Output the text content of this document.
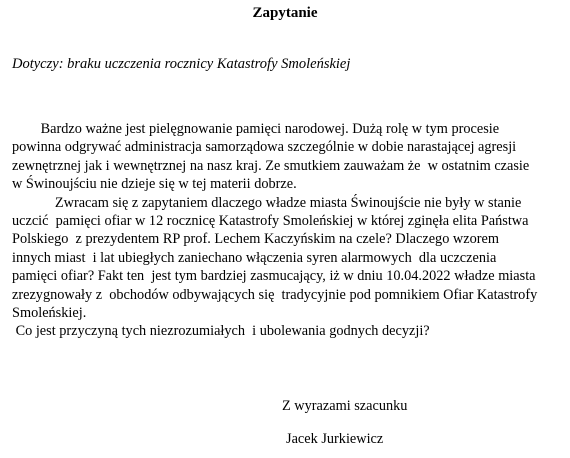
Zapytanie
Dotyczy: braku uczczenia rocznicy Katastrofy Smoleńskiej
Bardzo ważne jest pielęgnowanie pamięci narodowej. Dużą rolę w tym procesie
powinna odgrywać administracja samorządowa szczególnie w dobie narastającej agresji
zewnętrznej jak i wewnętrznej na nasz kraj. Ze smutkiem zauważam że  w ostatnim czasie
w Świnoujściu nie dzieje się w tej materii dobrze.
Zwracam się z zapytaniem dlaczego władze miasta Świnoujście nie były w stanie
uczcić  pamięci ofiar w 12 rocznicę Katastrofy Smoleńskiej w której zginęła elita Państwa
Polskiego  z prezydentem RP prof. Lechem Kaczyńskim na czele? Dlaczego wzorem
innych miast  i lat ubiegłych zaniechano włączenia syren alarmowych  dla uczczenia
pamięci ofiar? Fakt ten  jest tym bardziej zasmucający, iż w dniu 10.04.2022 władze miasta
zrezygnowały z  obchodów odbywających się  tradycyjnie pod pomnikiem Ofiar Katastrofy
Smoleńskiej.
Co jest przyczyną tych niezrozumiałych  i ubolewania godnych decyzji?
Z wyrazami szacunku
Jacek Jurkiewicz
